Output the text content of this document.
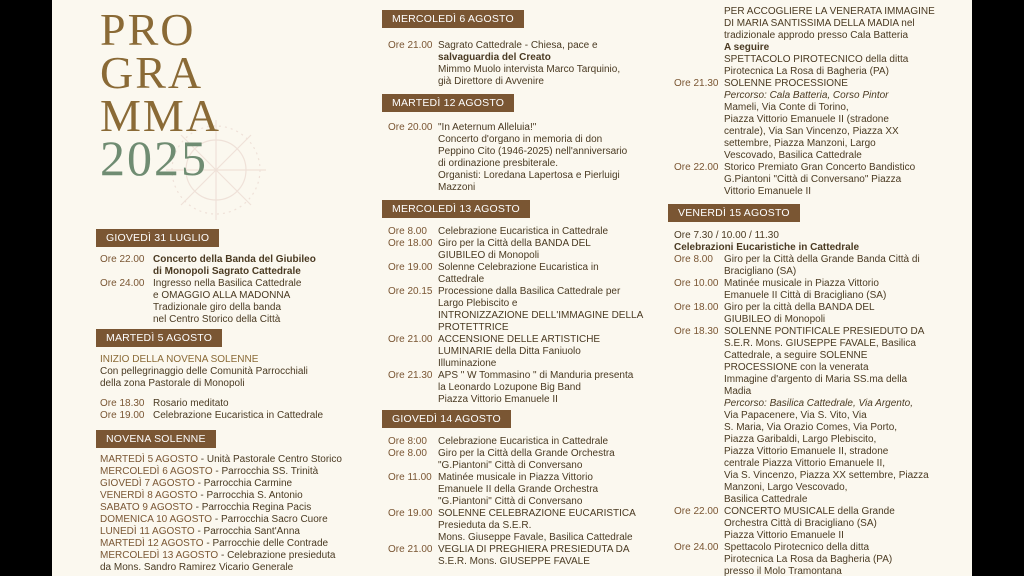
PRO
GRA
MMA
2025
GIOVEDÌ 31 LUGLIO
Ore 22.00 Concerto della Banda del Giubileo
di Monopoli Sagrato Cattedrale
Ore 24.00 Ingresso nella Basilica Cattedrale
e OMAGGIO ALLA MADONNA
Tradizionale giro della banda
nel Centro Storico della Città
MARTEDÌ 5 AGOSTO
INIZIO DELLA NOVENA SOLENNE
Con pellegrinaggio delle Comunità Parrocchiali
della zona Pastorale di Monopoli
Ore 18.30 Rosario meditato
Ore 19.00 Celebrazione Eucaristica in Cattedrale
NOVENA SOLENNE
MARTEDÌ 5 AGOSTO - Unità Pastorale Centro Storico
MERCOLEDÌ 6 AGOSTO - Parrocchia SS. Trinità
GIOVEDÌ 7 AGOSTO - Parrocchia Carmine
VENERDÌ 8 AGOSTO - Parrocchia S. Antonio
SABATO 9 AGOSTO - Parrocchia Regina Pacis
DOMENICA 10 AGOSTO - Parrocchia Sacro Cuore
LUNEDÌ 11 AGOSTO - Parrocchia Sant'Anna
MARTEDÌ 12 AGOSTO - Parrocchie delle Contrade
MERCOLEDÌ 13 AGOSTO - Celebrazione presieduta
da Mons. Sandro Ramirez Vicario Generale
MERCOLEDÌ 6 AGOSTO
Ore 21.00 Sagrato Cattedrale - Chiesa, pace e
salvaguardia del Creato
Mimmo Muolo intervista Marco Tarquinio,
già Direttore di Avvenire
MARTEDÌ 12 AGOSTO
Ore 20.00 "In Aeternum Alleluia!"
Concerto d'organo in memoria di don
Peppino Cito (1946-2025) nell'anniversario
di ordinazione presbiterale.
Organisti: Loredana Lapertosa e Pierluigi
Mazzoni
MERCOLEDÌ 13 AGOSTO
Ore 8.00 Celebrazione Eucaristica in Cattedrale
Ore 18.00 Giro per la Città della BANDA DEL
GIUBILEO di Monopoli
Ore 19.00 Solenne Celebrazione Eucaristica in
Cattedrale
Ore 20.15 Processione dalla Basilica Cattedrale per
Largo Plebiscito e
INTRONIZZAZIONE DELL'IMMAGINE DELLA
PROTETTRICE
Ore 21.00 ACCENSIONE DELLE ARTISTICHE
LUMINARIE della Ditta Faniuolo
Illuminazione
Ore 21.30 APS " W Tommasino " di Manduria presenta
la Leonardo Lozupone Big Band
Piazza Vittorio Emanuele II
GIOVEDÌ 14 AGOSTO
Ore 8:00 Celebrazione Eucaristica in Cattedrale
Ore 8.00 Giro per la Città della Grande Orchestra
"G.Piantoni" Città di Conversano
Ore 11.00 Matinée musicale in Piazza Vittorio
Emanuele II della Grande Orchestra
"G.Piantoni" Città di Conversano
Ore 19.00 SOLENNE CELEBRAZIONE EUCARISTICA
Presieduta da S.E.R.
Mons. Giuseppe Favale, Basilica Cattedrale
Ore 21.00 VEGLIA DI PREGHIERA PRESIEDUTA DA
S.E.R. Mons. GIUSEPPE FAVALE
PER ACCOGLIERE LA VENERATA IMMAGINE
DI MARIA SANTISSIMA DELLA MADIA nel
tradizionale approdo presso Cala Batteria
A seguire
SPETTACOLO PIROTECNICO della ditta
Pirotecnica La Rosa di Bagheria (PA)
Ore 21.30 SOLENNE PROCESSIONE
Percorso: Cala Batteria, Corso Pintor
Mameli, Via Conte di Torino,
Piazza Vittorio Emanuele II (stradone
centrale), Via San Vincenzo, Piazza XX
settembre, Piazza Manzoni, Largo
Vescovado, Basilica Cattedrale
Ore 22.00 Storico Premiato Gran Concerto Bandistico
G.Piantoni "Città di Conversano" Piazza
Vittorio Emanuele II
VENERDÌ 15 AGOSTO
Ore 7.30 / 10.00 / 11.30
Celebrazioni Eucaristiche in Cattedrale
Ore 8.00 Giro per la Città della Grande Banda Città di
Bracigliano (SA)
Ore 10.00 Matinée musicale in Piazza Vittorio
Emanuele II Città di Bracigliano (SA)
Ore 18.00 Giro per la città della BANDA DEL
GIUBILEO di Monopoli
Ore 18.30 SOLENNE PONTIFICALE PRESIEDUTO DA
S.E.R. Mons. GIUSEPPE FAVALE, Basilica
Cattedrale, a seguire SOLENNE
PROCESSIONE con la venerata
Immagine d'argento di Maria SS.ma della
Madia
Percorso: Basilica Cattedrale, Via Argento,
Via Papacenere, Via S. Vito, Via
S. Maria, Via Orazio Comes, Via Porto,
Piazza Garibaldi, Largo Plebiscito,
Piazza Vittorio Emanuele II, stradone
centrale Piazza Vittorio Emanuele II,
Via S. Vincenzo, Piazza XX settembre, Piazza
Manzoni, Largo Vescovado,
Basilica Cattedrale
Ore 22.00 CONCERTO MUSICALE della Grande
Orchestra Città di Bracigliano (SA)
Piazza Vittorio Emanuele II
Ore 24.00 Spettacolo Pirotecnico della ditta
Pirotecnica La Rosa da Bagheria (PA)
presso il Molo Tramontana
